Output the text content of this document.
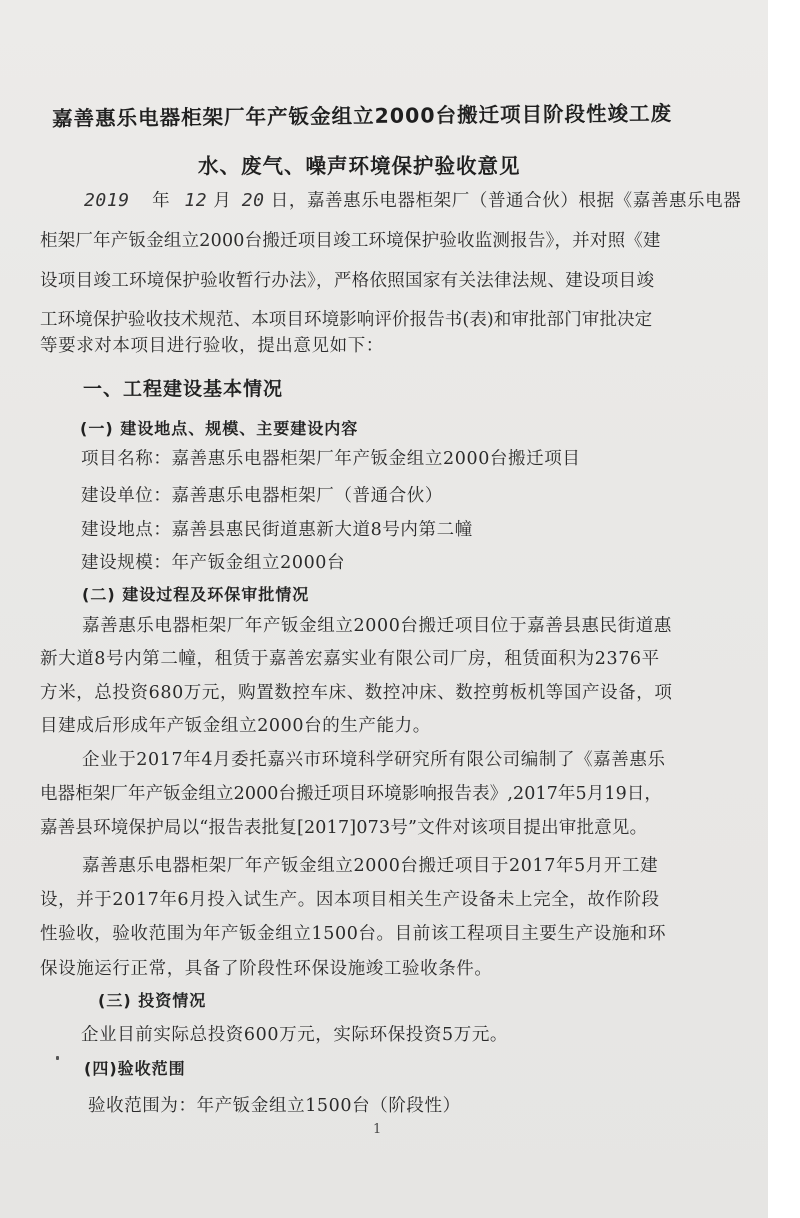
嘉善惠乐电器柜架厂年产钣金组立2000台搬迁项目阶段性竣工废
水、废气、噪声环境保护验收意见
2019 年 12 月 20 日，嘉善惠乐电器柜架厂（普通合伙）根据《嘉善惠乐电器
柜架厂年产钣金组立2000台搬迁项目竣工环境保护验收监测报告》，并对照《建
设项目竣工环境保护验收暂行办法》，严格依照国家有关法律法规、建设项目竣
工环境保护验收技术规范、本项目环境影响评价报告书(表)和审批部门审批决定
等要求对本项目进行验收，提出意见如下：
一、工程建设基本情况
(一) 建设地点、规模、主要建设内容
项目名称：嘉善惠乐电器柜架厂年产钣金组立2000台搬迁项目
建设单位：嘉善惠乐电器柜架厂（普通合伙）
建设地点：嘉善县惠民街道惠新大道8号内第二幢
建设规模：年产钣金组立2000台
(二) 建设过程及环保审批情况
嘉善惠乐电器柜架厂年产钣金组立2000台搬迁项目位于嘉善县惠民街道惠
新大道8号内第二幢，租赁于嘉善宏嘉实业有限公司厂房，租赁面积为2376平
方米，总投资680万元，购置数控车床、数控冲床、数控剪板机等国产设备，项
目建成后形成年产钣金组立2000台的生产能力。
企业于2017年4月委托嘉兴市环境科学研究所有限公司编制了《嘉善惠乐
电器柜架厂年产钣金组立2000台搬迁项目环境影响报告表》,2017年5月19日，
嘉善县环境保护局以“报告表批复[2017]073号”文件对该项目提出审批意见。
嘉善惠乐电器柜架厂年产钣金组立2000台搬迁项目于2017年5月开工建
设，并于2017年6月投入试生产。因本项目相关生产设备未上完全，故作阶段
性验收，验收范围为年产钣金组立1500台。目前该工程项目主要生产设施和环
保设施运行正常，具备了阶段性环保设施竣工验收条件。
(三) 投资情况
企业目前实际总投资600万元，实际环保投资5万元。
(四)验收范围
验收范围为：年产钣金组立1500台（阶段性）
1
